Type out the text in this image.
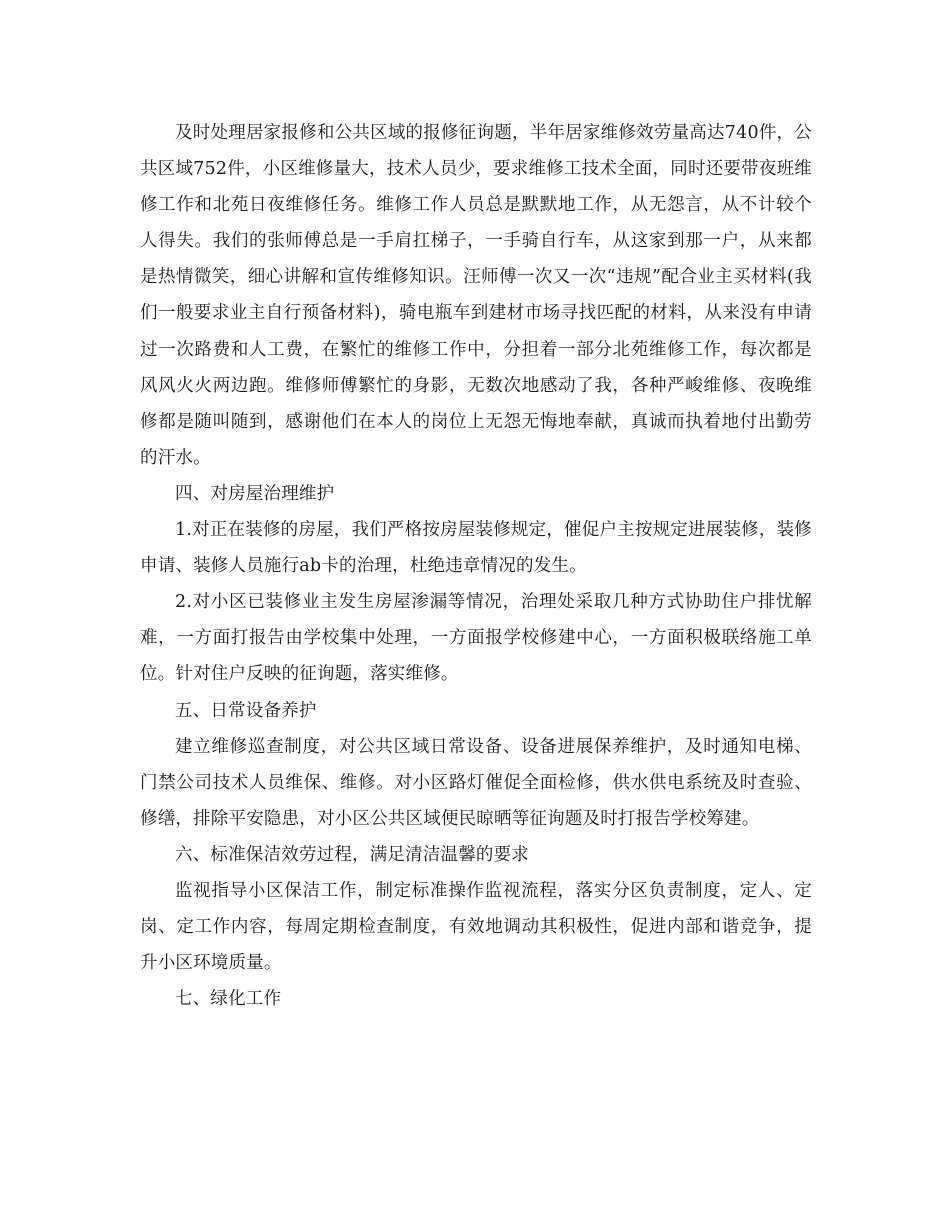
及时处理居家报修和公共区域的报修征询题，半年居家维修效劳量高达740件，公共区域752件，小区维修量大，技术人员少，要求维修工技术全面，同时还要带夜班维修工作和北苑日夜维修任务。维修工作人员总是默默地工作，从无怨言，从不计较个人得失。我们的张师傅总是一手肩扛梯子，一手骑自行车，从这家到那一户，从来都是热情微笑，细心讲解和宣传维修知识。汪师傅一次又一次“违规”配合业主买材料(我们一般要求业主自行预备材料)，骑电瓶车到建材市场寻找匹配的材料，从来没有申请过一次路费和人工费，在繁忙的维修工作中，分担着一部分北苑维修工作，每次都是风风火火两边跑。维修师傅繁忙的身影，无数次地感动了我，各种严峻维修、夜晚维修都是随叫随到，感谢他们在本人的岗位上无怨无悔地奉献，真诚而执着地付出勤劳的汗水。

四、对房屋治理维护

1.对正在装修的房屋，我们严格按房屋装修规定，催促户主按规定进展装修，装修申请、装修人员施行ab卡的治理，杜绝违章情况的发生。

2.对小区已装修业主发生房屋渗漏等情况，治理处采取几种方式协助住户排忧解难，一方面打报告由学校集中处理，一方面报学校修建中心，一方面积极联络施工单位。针对住户反映的征询题，落实维修。

五、日常设备养护

建立维修巡查制度，对公共区域日常设备、设备进展保养维护，及时通知电梯、门禁公司技术人员维保、维修。对小区路灯催促全面检修，供水供电系统及时查验、修缮，排除平安隐患，对小区公共区域便民晾晒等征询题及时打报告学校筹建。

六、标准保洁效劳过程，满足清洁温馨的要求

监视指导小区保洁工作，制定标准操作监视流程，落实分区负责制度，定人、定岗、定工作内容，每周定期检查制度，有效地调动其积极性，促进内部和谐竞争，提升小区环境质量。

七、绿化工作
